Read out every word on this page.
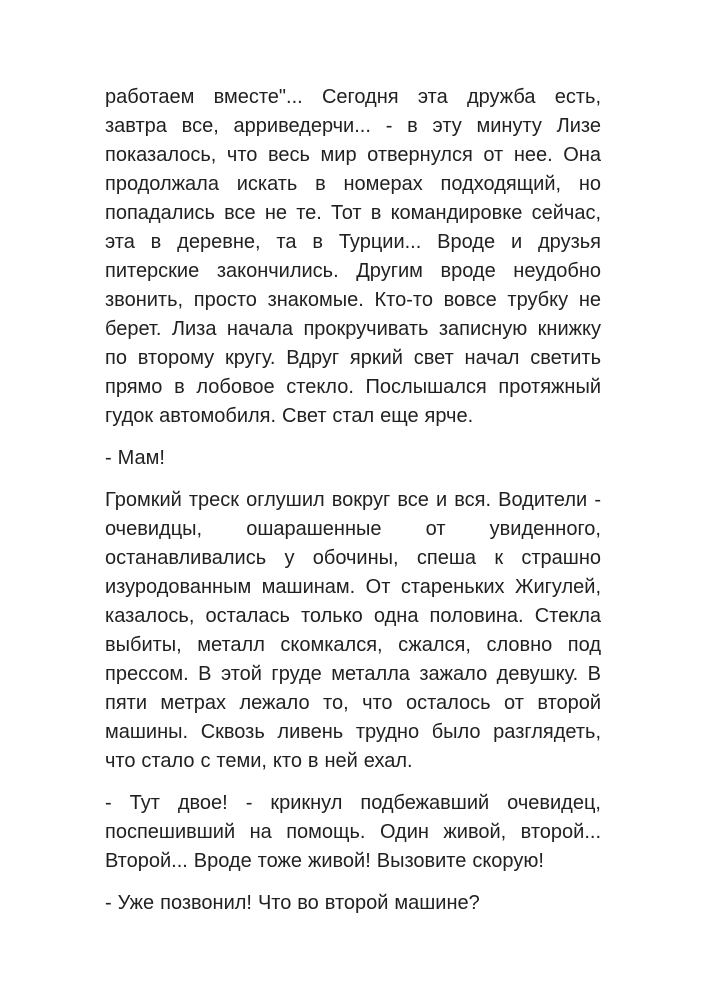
работаем вместе"... Сегодня эта дружба есть, завтра все, арриведерчи... - в эту минуту Лизе показалось, что весь мир отвернулся от нее. Она продолжала искать в номерах подходящий, но попадались все не те. Тот в командировке сейчас, эта в деревне, та в Турции... Вроде и друзья питерские закончились. Другим вроде неудобно звонить, просто знакомые. Кто-то вовсе трубку не берет. Лиза начала прокручивать записную книжку по второму кругу. Вдруг яркий свет начал светить прямо в лобовое стекло. Послышался протяжный гудок автомобиля. Свет стал еще ярче.

- Мам!

Громкий треск оглушил вокруг все и вся. Водители - очевидцы, ошарашенные от увиденного, останавливались у обочины, спеша к страшно изуродованным машинам. От стареньких Жигулей, казалось, осталась только одна половина. Стекла выбиты, металл скомкался, сжался, словно под прессом. В этой груде металла зажало девушку. В пяти метрах лежало то, что осталось от второй машины. Сквозь ливень трудно было разглядеть, что стало с теми, кто в ней ехал.

- Тут двое! - крикнул подбежавший очевидец, поспешивший на помощь. Один живой, второй... Второй... Вроде тоже живой! Вызовите скорую!

- Уже позвонил! Что во второй машине?
